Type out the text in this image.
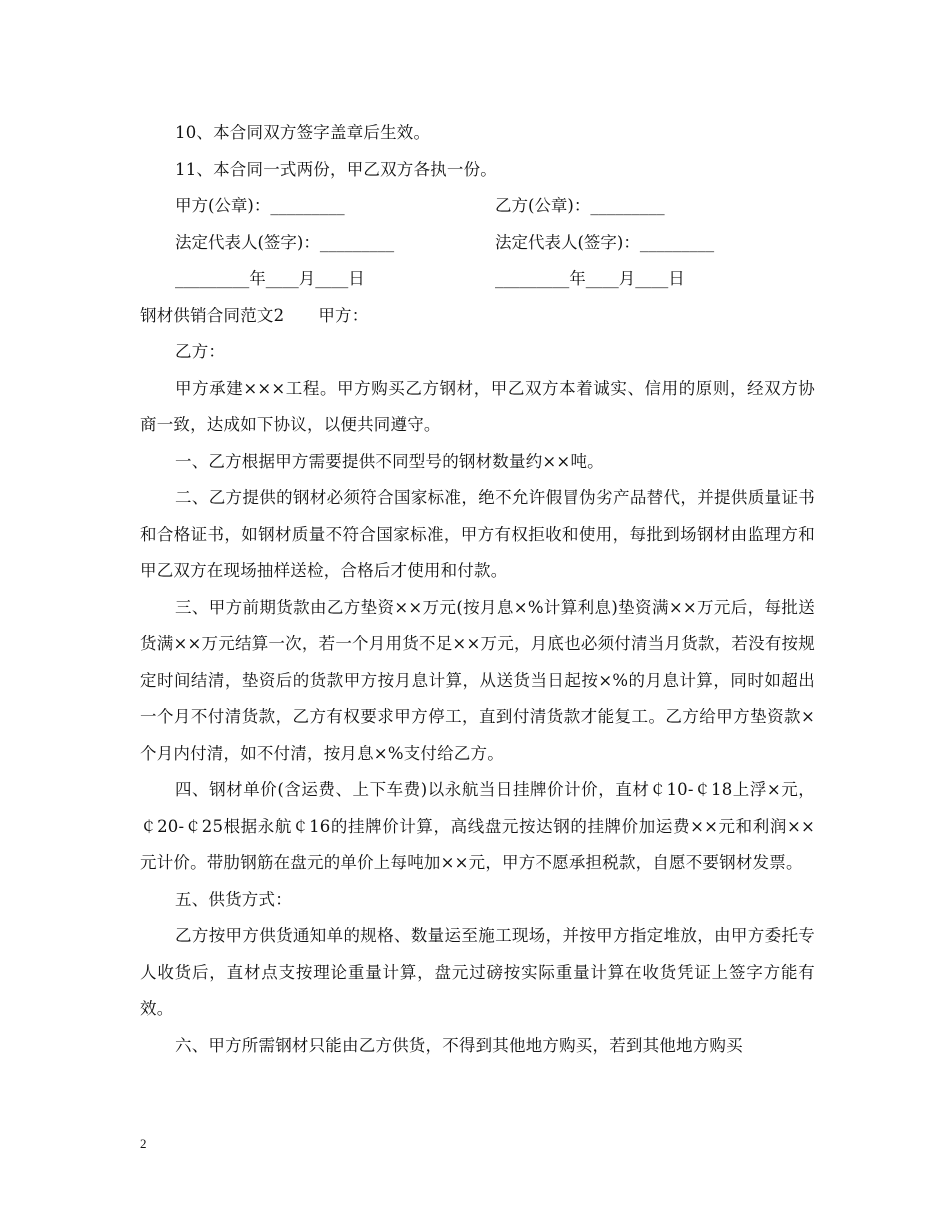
10、本合同双方签字盖章后生效。

11、本合同一式两份，甲乙双方各执一份。

甲方(公章)：_________	乙方(公章)：_________
法定代表人(签字)：_________	法定代表人(签字)：_________
_________年____月____日	_________年____月____日
钢材供销合同范文2 甲方：

乙方：

甲方承建×××工程。甲方购买乙方钢材，甲乙双方本着诚实、信用的原则，经双方协商一致，达成如下协议，以便共同遵守。

一、乙方根据甲方需要提供不同型号的钢材数量约××吨。

二、乙方提供的钢材必须符合国家标准，绝不允许假冒伪劣产品替代，并提供质量证书和合格证书，如钢材质量不符合国家标准，甲方有权拒收和使用，每批到场钢材由监理方和甲乙双方在现场抽样送检，合格后才使用和付款。

三、甲方前期货款由乙方垫资××万元(按月息×%计算利息)垫资满××万元后，每批送货满××万元结算一次，若一个月用货不足××万元，月底也必须付清当月货款，若没有按规定时间结清，垫资后的货款甲方按月息计算，从送货当日起按×%的月息计算，同时如超出一个月不付清货款，乙方有权要求甲方停工，直到付清货款才能复工。乙方给甲方垫资款×个月内付清，如不付清，按月息×%支付给乙方。

四、钢材单价(含运费、上下车费)以永航当日挂牌价计价，直材￠10-￠18上浮×元，￠20-￠25根据永航￠16的挂牌价计算，高线盘元按达钢的挂牌价加运费××元和利润××元计价。带肋钢筋在盘元的单价上每吨加××元，甲方不愿承担税款，自愿不要钢材发票。

五、供货方式：

乙方按甲方供货通知单的规格、数量运至施工现场，并按甲方指定堆放，由甲方委托专人收货后，直材点支按理论重量计算，盘元过磅按实际重量计算在收货凭证上签字方能有效。

六、甲方所需钢材只能由乙方供货，不得到其他地方购买，若到其他地方购买

2
